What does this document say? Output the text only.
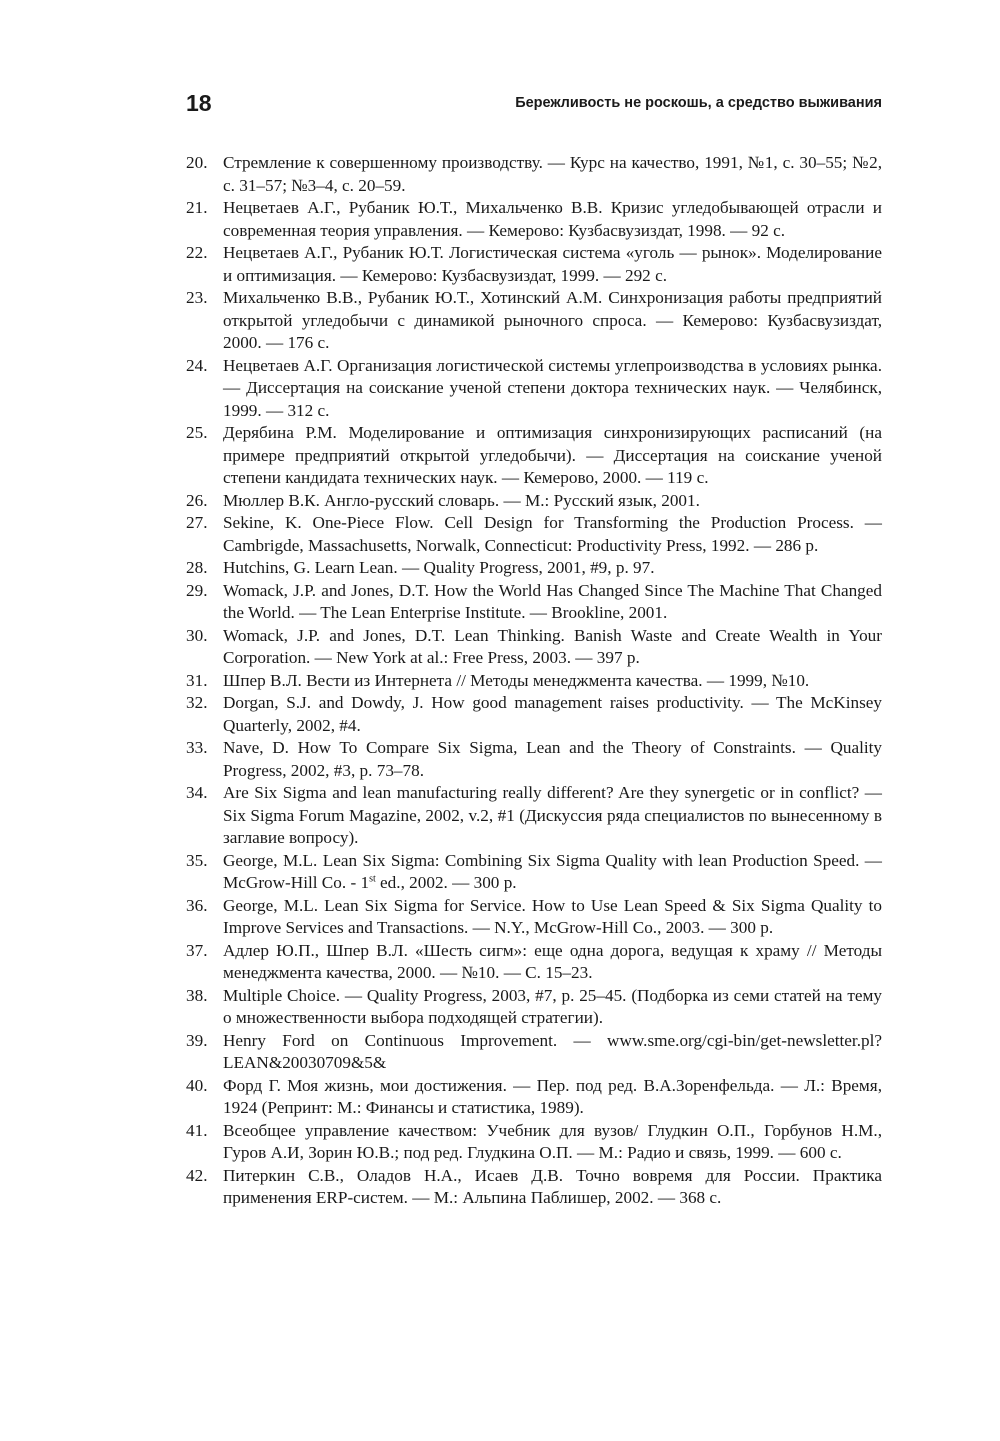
18	Бережливость не роскошь, а средство выживания
20. Стремление к совершенному производству. — Курс на качество, 1991, №1, с. 30–55; №2, с. 31–57; №3–4, с. 20–59.
21. Нецветаев А.Г., Рубаник Ю.Т., Михальченко В.В. Кризис угледобывающей отрасли и современная теория управления. — Кемерово: Кузбасвузиздат, 1998. — 92 с.
22. Нецветаев А.Г., Рубаник Ю.Т. Логистическая система «уголь — рынок». Моделирование и оптимизация. — Кемерово: Кузбасвузиздат, 1999. — 292 с.
23. Михальченко В.В., Рубаник Ю.Т., Хотинский А.М. Синхронизация работы предприятий открытой угледобычи с динамикой рыночного спроса. — Кемерово: Кузбасвузиздат, 2000. — 176 с.
24. Нецветаев А.Г. Организация логистической системы углепроизводства в условиях рынка. — Диссертация на соискание ученой степени доктора технических наук. — Челябинск, 1999. — 312 с.
25. Дерябина Р.М. Моделирование и оптимизация синхронизирующих расписаний (на примере предприятий открытой угледобычи). — Диссертация на соискание ученой степени кандидата технических наук. — Кемерово, 2000. — 119 с.
26. Мюллер В.К. Англо-русский словарь. — М.: Русский язык, 2001.
27. Sekine, K. One-Piece Flow. Cell Design for Transforming the Production Process. — Cambrigde, Massachusetts, Norwalk, Connecticut: Productivity Press, 1992. — 286 p.
28. Hutchins, G. Learn Lean. — Quality Progress, 2001, #9, p. 97.
29. Womack, J.P. and Jones, D.T. How the World Has Changed Since The Machine That Changed the World. — The Lean Enterprise Institute. — Brookline, 2001.
30. Womack, J.P. and Jones, D.T. Lean Thinking. Banish Waste and Create Wealth in Your Corporation. — New York at al.: Free Press, 2003. — 397 p.
31. Шпер В.Л. Вести из Интернета // Методы менеджмента качества. — 1999, №10.
32. Dorgan, S.J. and Dowdy, J. How good management raises productivity. — The McKinsey Quarterly, 2002, #4.
33. Nave, D. How To Compare Six Sigma, Lean and the Theory of Constraints. — Quality Progress, 2002, #3, p. 73–78.
34. Are Six Sigma and lean manufacturing really different? Are they synergetic or in conflict? — Six Sigma Forum Magazine, 2002, v.2, #1 (Дискуссия ряда специалистов по вынесенному в заглавие вопросу).
35. George, M.L. Lean Six Sigma: Combining Six Sigma Quality with lean Production Speed. — McGrow-Hill Co. - 1st ed., 2002. — 300 p.
36. George, M.L. Lean Six Sigma for Service. How to Use Lean Speed & Six Sigma Quality to Improve Services and Transactions. — N.Y., McGrow-Hill Co., 2003. — 300 p.
37. Адлер Ю.П., Шпер В.Л. «Шесть сигм»: еще одна дорога, ведущая к храму // Методы менеджмента качества, 2000. — №10. — С. 15–23.
38. Multiple Choice. — Quality Progress, 2003, #7, p. 25–45. (Подборка из семи статей на тему о множественности выбора подходящей стратегии).
39. Henry Ford on Continuous Improvement. — www.sme.org/cgi-bin/get-newsletter.pl?LEAN&20030709&5&
40. Форд Г. Моя жизнь, мои достижения. — Пер. под ред. В.А.Зоренфельда. — Л.: Время, 1924 (Репринт: М.: Финансы и статистика, 1989).
41. Всеобщее управление качеством: Учебник для вузов/ Глудкин О.П., Горбунов Н.М., Гуров А.И, Зорин Ю.В.; под ред. Глудкина О.П. — М.: Радио и связь, 1999. — 600 с.
42. Питеркин С.В., Оладов Н.А., Исаев Д.В. Точно вовремя для России. Практика применения ERP-систем. — М.: Альпина Паблишер, 2002. — 368 с.
